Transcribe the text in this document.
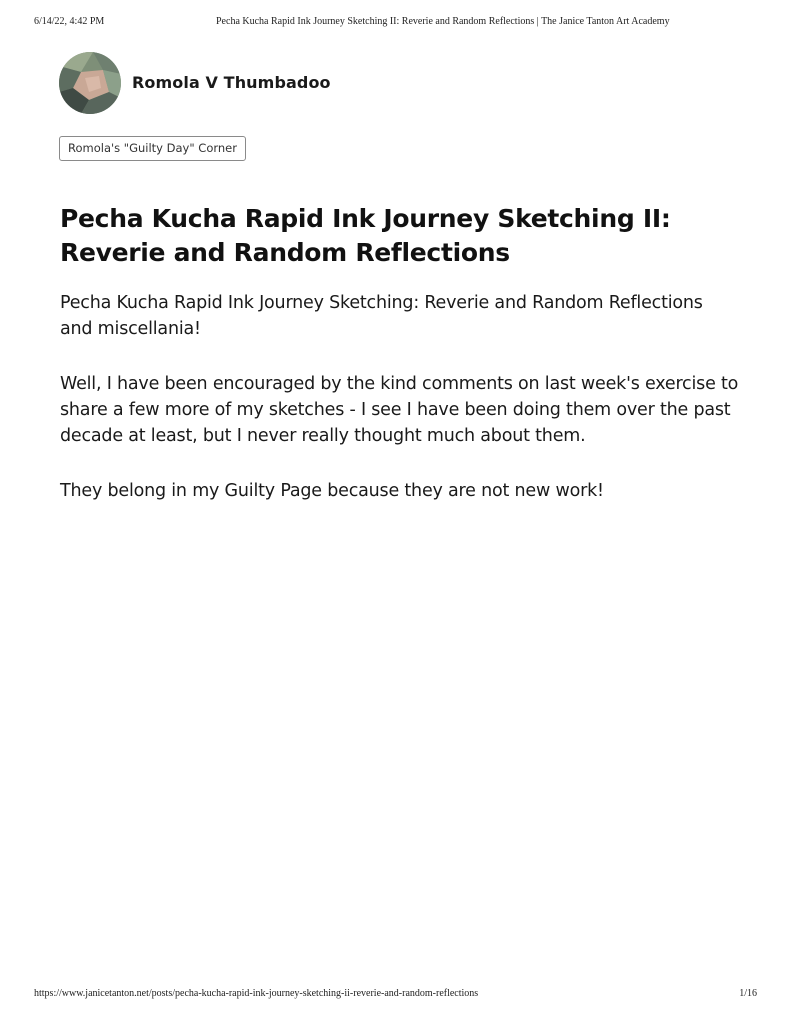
6/14/22, 4:42 PM	Pecha Kucha Rapid Ink Journey Sketching II: Reverie and Random Reflections | The Janice Tanton Art Academy
Romola V Thumbadoo
Romola's "Guilty Day" Corner
Pecha Kucha Rapid Ink Journey Sketching II: Reverie and Random Reflections

Pecha Kucha Rapid Ink Journey Sketching: Reverie and Random Reflections and miscellania!

Well, I have been encouraged by the kind comments on last week's exercise to share a few more of my sketches - I see I have been doing them over the past decade at least, but I never really thought much about them.

They belong in my Guilty Page because they are not new work!

https://www.janicetanton.net/posts/pecha-kucha-rapid-ink-journey-sketching-ii-reverie-and-random-reflections	1/16
